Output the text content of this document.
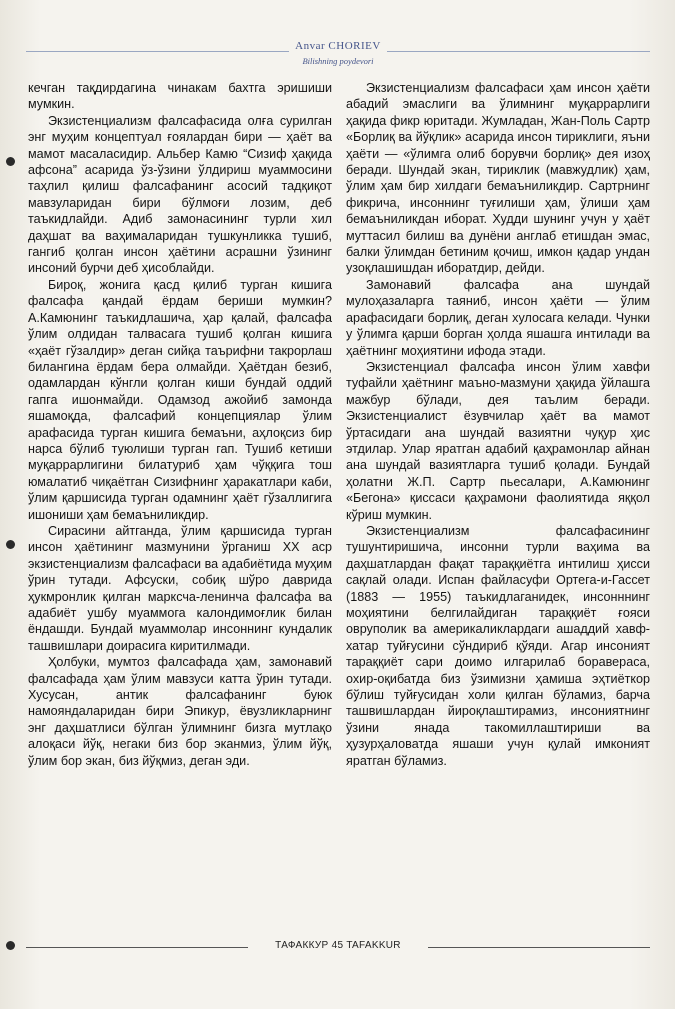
Anvar CHORIEV
Bilishning poydevori

кечган тақдирдагина чинакам бахтга эришиши мумкин.

Экзистенциализм фалсафасида олға сурилган энг муҳим концептуал ғоялардан бири — ҳаёт ва мамот масаласидир. Альбер Камю “Сизиф ҳақида афсона” асарида ўз-ўзини ўлдириш муаммосини таҳлил қилиш фалсафанинг асосий тадқиқот мавзуларидан бири бўлмоғи лозим, деб таъкидлайди. Адиб замонасининг турли хил даҳшат ва ваҳималаридан тушкунликка тушиб, гангиб қолган инсон ҳаётини асрашни ўзининг инсоний бурчи деб ҳисоблайди.

Бироқ, жонига қасд қилиб турган кишига фалсафа қандай ёрдам бериши мумкин? А.Камюнинг таъкидлашича, ҳар қалай, фалсафа ўлим олдидан талвасага тушиб қолган кишига «ҳаёт гўзалдир» деган сийқа таърифни такрорлаш билангина ёрдам бера олмайди. Ҳаётдан безиб, одамлардан кўнгли қолган киши бундай оддий гапга ишонмайди. Одамзод ажойиб замонда яшамоқда, фалсафий концепциялар ўлим арафасида турган кишига бемаъни, аҳлоқсиз бир нарса бўлиб туюлиши турган гап. Тушиб кетиши муқаррарлигини билатуриб ҳам чўққига тош юмалатиб чиқаётган Сизифнинг ҳаракатлари каби, ўлим қаршисида турган одамнинг ҳаёт гўзаллигига ишониши ҳам бемаъниликдир.

Сирасини айтганда, ўлим қаршисида турган инсон ҳаётининг мазмунини ўрганиш XX аср экзистенциализм фалсафаси ва адабиётида муҳим ўрин тутади. Афсуски, собиқ шўро даврида ҳукмронлик қилган марксча-ленинча фалсафа ва адабиёт ушбу муаммога калондимоғлик билан ёндашди. Бундай муаммолар инсоннинг кундалик ташвишлари доирасига киритилмади.

Ҳолбуки, мумтоз фалсафада ҳам, замонавий фалсафада ҳам ўлим мавзуси катта ўрин тутади. Хусусан, антик фалсафанинг буюк намояндаларидан бири Эпикур, ёвузликларнинг энг даҳшатлиси бўлган ўлимнинг бизга мутлақо алоқаси йўқ, негаки биз бор эканмиз, ўлим йўқ, ўлим бор экан, биз йўқмиз, деган эди.

Экзистенциализм фалсафаси ҳам инсон ҳаёти абадий эмаслиги ва ўлимнинг муқаррарлиги ҳақида фикр юритади. Жумладан, Жан-Поль Сартр «Борлиқ ва йўқлик» асарида инсон тириклиги, яъни ҳаёти — «ўлимга олиб борувчи борлиқ» дея изоҳ беради. Шундай экан, тириклик (мавжудлик) ҳам, ўлим ҳам бир хилдаги бемаъниликдир. Сартрнинг фикрича, инсоннинг туғилиши ҳам, ўлиши ҳам бемаъниликдан иборат. Худди шунинг учун у ҳаёт муттасил билиш ва дунёни англаб етишдан эмас, балки ўлимдан бетиним қочиш, имкон қадар ундан узоқлашишдан иборатдир, дейди.

Замонавий фалсафа ана шундай мулоҳазаларга таяниб, инсон ҳаёти — ўлим арафасидаги борлиқ, деган хулосага келади. Чунки у ўлимга қарши борган ҳолда яшашга интилади ва ҳаётнинг моҳиятини ифода этади.

Экзистенциал фалсафа инсон ўлим хавфи туфайли ҳаётнинг маъно-мазмуни ҳақида ўйлашга мажбур бўлади, дея таълим беради. Экзистенциалист ёзувчилар ҳаёт ва мамот ўртасидаги ана шундай вазиятни чуқур ҳис этдилар. Улар яратган адабий қаҳрамонлар айнан ана шундай вазиятларга тушиб қолади. Бундай ҳолатни Ж.П. Сартр пьесалари, А.Камюнинг «Бегона» қиссаси қаҳрамони фаолиятида яққол кўриш мумкин.

Экзистенциализм фалсафасининг тушунтиришича, инсонни турли ваҳима ва даҳшатлардан фақат тараққиётга интилиш ҳисси сақлай олади. Испан файласуфи Ортега-и-Гассет (1883 — 1955) таъкидлаганидек, инсонннинг моҳиятини белгилайдиган тараққиёт ғояси овруполик ва америкаликлардаги ашаддий хавф-хатар туйғусини сўндириб қўяди. Агар инсоният тараққиёт сари доимо илгарилаб боравераса, охир-оқибатда биз ўзимизни ҳамиша эҳтиёткор бўлиш туйғусидан холи қилган бўламиз, барча ташвишлардан йироқлаштирамиз, инсониятнинг ўзини янада такомиллаштириши ва ҳузурҳаловатда яшаши учун қулай имконият яратган бўламиз.

ТАФАККУР 45 TAFAKKUR
